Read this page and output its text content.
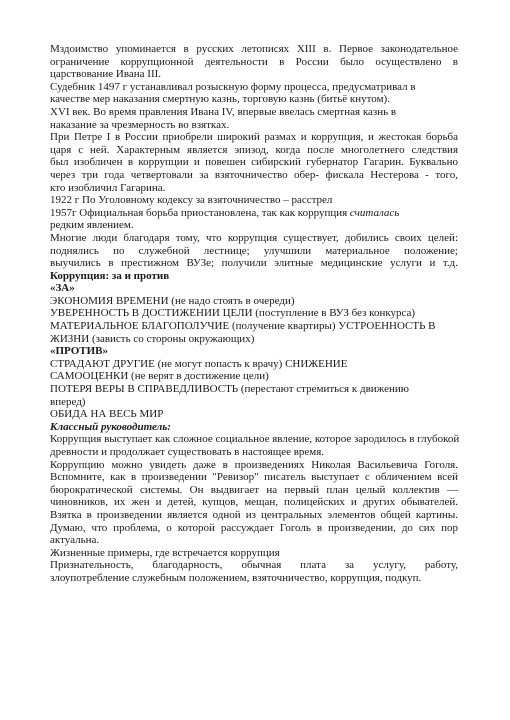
Мздоимство упоминается в русских летописях XIII в. Первое законодательное
ограничение коррупционной деятельности в России было осуществлено в
царствование Ивана III.
Судебник 1497 г устанавливал розыскную форму процесса, предусматривал в
качестве мер наказания смертную казнь, торговую казнь (битьё кнутом).
XVI век. Во время правления Ивана IV, впервые ввелась смертная казнь в
наказание за чрезмерность во взятках.
При Петре I в России приобрели широкий размах и коррупция, и жестокая борьба
царя с ней. Характерным является эпизод, когда после многолетнего следствия
был изобличен в коррупции и повешен сибирский губернатор Гагарин. Буквально
через три года четвертовали за взяточничество обер- фискала Нестерова - того,
кто изобличил Гагарина.
1922 г По Уголовному кодексу за взяточничество – расстрел
1957г Официальная борьба приостановлена, так как коррупция считалась
редким явлением.
Многие люди благодаря тому, что коррупция существует, добились своих целей:
поднялись по служебной лестнице; улучшили материальное положение;
выучились в престижном ВУЗе; получили элитные медицинские услуги и т.д.
Коррупция: за и против
«ЗА»
ЭКОНОМИЯ ВРЕМЕНИ (не надо стоять в очереди)
УВЕРЕННОСТЬ В ДОСТИЖЕНИИ ЦЕЛИ (поступление в ВУЗ без конкурса)
МАТЕРИАЛЬНОЕ БЛАГОПОЛУЧИЕ (получение квартиры) УСТРОЕННОСТЬ В
ЖИЗНИ (зависть со стороны окружающих)
«ПРОТИВ»
СТРАДАЮТ ДРУГИЕ (не могут попасть к врачу) СНИЖЕНИЕ
САМООЦЕНКИ (не верят в достижение цели)
ПОТЕРЯ ВЕРЫ В СПРАВЕДЛИВОСТЬ (перестают стремиться к движению
вперед)
ОБИДА НА ВЕСЬ МИР
Классный руководитель:
Коррупция выступает как сложное социальное явление, которое зародилось в глубокой
древности и продолжает существовать в настоящее время.
Коррупцию можно увидеть даже в произведениях Николая Васильевича Гоголя.
Вспомните, как в произведении "Ревизор" писатель выступает с обличением всей
бюрократической системы. Он выдвигает на первый план целый коллектив —
чиновников, их жен и детей, купцов, мещан, полицейских и других обывателей.
Взятка в произведении является одной из центральных элементов общей картины.
Думаю, что проблема, о которой рассуждает Гоголь в произведении, до сих пор
актуальна.
Жизненные примеры, где встречается коррупция
Признательность, благодарность, обычная плата за услугу, работу,
злоупотребление служебным положением, взяточничество, коррупция, подкуп.
